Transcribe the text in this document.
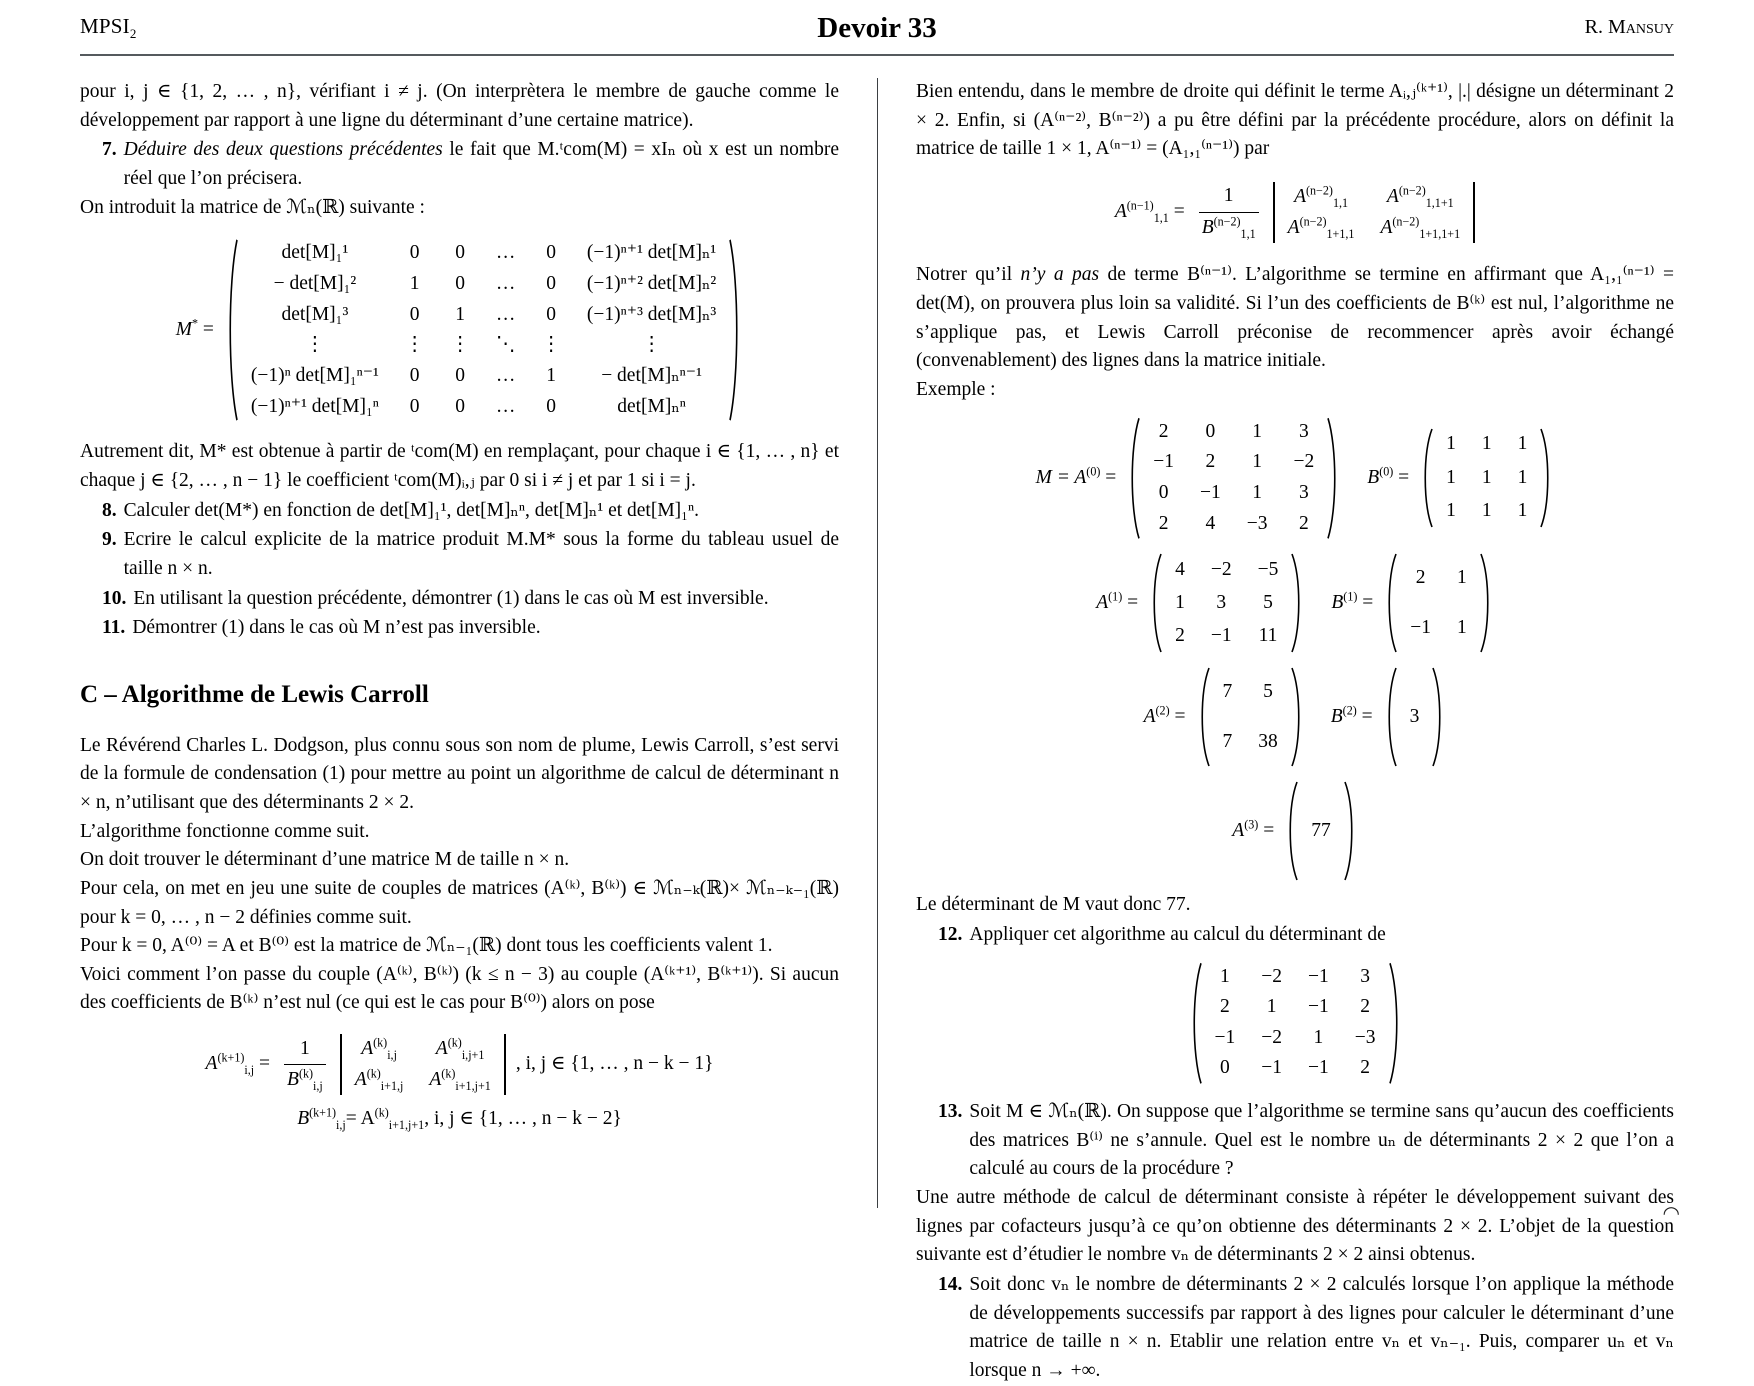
$MPSI_2$	Devoir 33	R. Mansuy

pour i, j ∈ {1, 2, … , n}, vérifiant i ≠ j. (On interprètera le membre de gauche comme le développement par rapport à une ligne du déterminant d’une certaine matrice).

7. Déduire des deux questions précédentes le fait que M.ᵗcom(M) = xIₙ où x est un nombre réel que l’on précisera.

On introduit la matrice de ℳₙ(ℝ) suivante :

M* =
det[M]₁¹	0	0	…	0	(−1)ⁿ⁺¹ det[M]ₙ¹
− det[M]₁²	1	0	…	0	(−1)ⁿ⁺² det[M]ₙ²
det[M]₁³	0	1	…	0	(−1)ⁿ⁺³ det[M]ₙ³
⋮	⋮	⋮	⋱	⋮	⋮
(−1)ⁿ det[M]₁ⁿ⁻¹	0	0	…	1	− det[M]ₙⁿ⁻¹
(−1)ⁿ⁺¹ det[M]₁ⁿ	0	0	…	0	det[M]ₙⁿ

Autrement dit, M* est obtenue à partir de ᵗcom(M) en remplaçant, pour chaque i ∈ {1, … , n} et chaque j ∈ {2, … , n − 1} le coefficient ᵗcom(M)ᵢ,ⱼ par 0 si i ≠ j et par 1 si i = j.

8. Calculer det(M*) en fonction de det[M]₁¹, det[M]ₙⁿ, det[M]ₙ¹ et det[M]₁ⁿ.
9. Ecrire le calcul explicite de la matrice produit M.M* sous la forme du tableau usuel de taille n × n.
10. En utilisant la question précédente, démontrer (1) dans le cas où M est inversible.
11. Démontrer (1) dans le cas où M n’est pas inversible.
C – Algorithme de Lewis Carroll

Le Révérend Charles L. Dodgson, plus connu sous son nom de plume, Lewis Carroll, s’est servi de la formule de condensation (1) pour mettre au point un algorithme de calcul de déterminant n × n, n’utilisant que des déterminants 2 × 2.

L’algorithme fonctionne comme suit.

On doit trouver le déterminant d’une matrice M de taille n × n.

Pour cela, on met en jeu une suite de couples de matrices (A⁽ᵏ⁾, B⁽ᵏ⁾) ∈ ℳₙ₋ₖ(ℝ)× ℳₙ₋ₖ₋₁(ℝ) pour k = 0, … , n − 2 définies comme suit.

Pour k = 0, A⁽⁰⁾ = A et B⁽⁰⁾ est la matrice de ℳₙ₋₁(ℝ) dont tous les coefficients valent 1.

Voici comment l’on passe du couple (A⁽ᵏ⁾, B⁽ᵏ⁾) (k ≤ n − 3) au couple (A⁽ᵏ⁺¹⁾, B⁽ᵏ⁺¹⁾). Si aucun des coefficients de B⁽ᵏ⁾ n’est nul (ce qui est le cas pour B⁽⁰⁾) alors on pose

$A^{(k+1)}_{i,j} = \frac{1}{B^{(k)}_{i,j}} A^{(k)}_{i,j}$	$A^{(k)}_{i,j+1}$
$A^{(k)}_{i+1,j}$	$A^{(k)}_{i+1,j+1}$
, i, j ∈ {1, … , n − k − 1}
$B^{(k+1)}_{i,j}= A^{(k)}_{i+1,j+1}$, i, j ∈ {1, … , n − k − 2}

Bien entendu, dans le membre de droite qui définit le terme Aᵢ,ⱼ⁽ᵏ⁺¹⁾, |.| désigne un déterminant 2 × 2. Enfin, si (A⁽ⁿ⁻²⁾, B⁽ⁿ⁻²⁾) a pu être défini par la précédente procédure, alors on définit la matrice de taille 1 × 1, A⁽ⁿ⁻¹⁾ = (A₁,₁⁽ⁿ⁻¹⁾) par

$A^{(n-1)}_{1,1} = \frac{1}{B^{(n-2)}_{1,1}} A^{(n-2)}_{1,1}$	$A^{(n-2)}_{1,1+1}$
$A^{(n-2)}_{1+1,1}$	$A^{(n-2)}_{1+1,1+1}$

Notrer qu’il n’y a pas de terme B⁽ⁿ⁻¹⁾. L’algorithme se termine en affirmant que A₁,₁⁽ⁿ⁻¹⁾ = det(M), on prouvera plus loin sa validité. Si l’un des coefficients de B⁽ᵏ⁾ est nul, l’algorithme ne s’applique pas, et Lewis Carroll préconise de recommencer après avoir échangé (convenablement) des lignes dans la matrice initiale.

Exemple :

$M = A^{(0)}$ =
2	0	1	3
−1	2	1	−2
0	−1	1	3
2	4	−3	2
$B^{(0)}$ =
1	1	1
1	1	1
1	1	1
$A^{(1)}$ =
4	−2	−5
1	3	5
2	−1	11
$B^{(1)}$ =
2	1
−1	1
$A^{(2)}$ =
7	5
7	38
$B^{(2)} = 3$
$A^{(3)} = 77$

Le déterminant de M vaut donc 77.

12. Appliquer cet algorithme au calcul du déterminant de
1	−2	−1	3
2	1	−1	2
−1	−2	1	−3
0	−1	−1	2
13. Soit M ∈ ℳₙ(ℝ). On suppose que l’algorithme se termine sans qu’aucun des coefficients des matrices B⁽ⁱ⁾ ne s’annule. Quel est le nombre uₙ de déterminants 2 × 2 que l’on a calculé au cours de la procédure ?

Une autre méthode de calcul de déterminant consiste à répéter le développement suivant des lignes par cofacteurs jusqu’à ce qu’on obtienne des déterminants 2 × 2. L’objet de la question suivante est d’étudier le nombre vₙ de déterminants 2 × 2 ainsi obtenus.

14. Soit donc vₙ le nombre de déterminants 2 × 2 calculés lorsque l’on applique la méthode de développements successifs par rapport à des lignes pour calculer le déterminant d’une matrice de taille n × n. Etablir une relation entre vₙ et vₙ₋₁. Puis, comparer uₙ et vₙ lorsque n → +∞.
◠
